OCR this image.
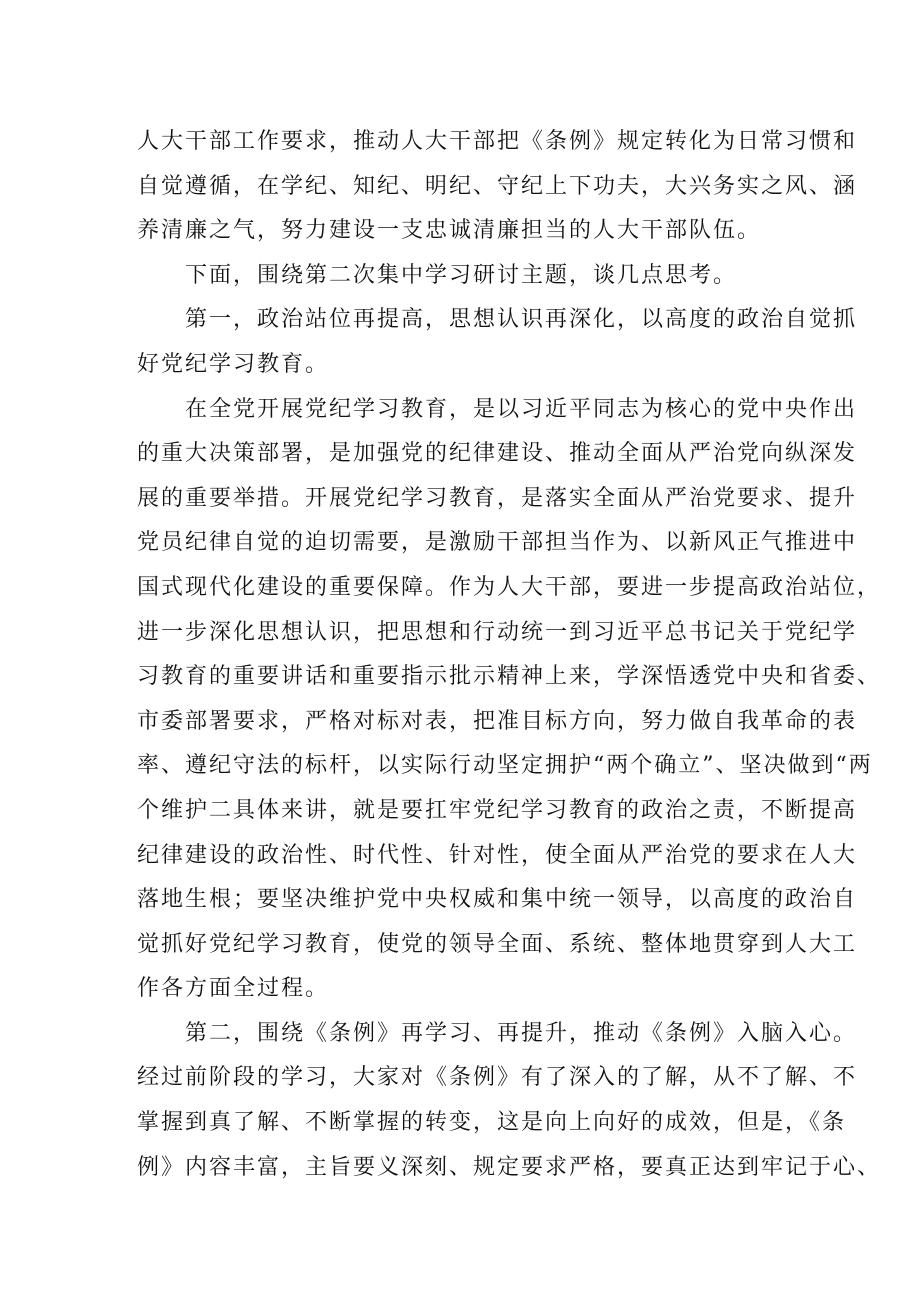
人大干部工作要求，推动人大干部把《条例》规定转化为日常习惯和
自觉遵循，在学纪、知纪、明纪、守纪上下功夫，大兴务实之风、涵
养清廉之气，努力建设一支忠诚清廉担当的人大干部队伍。

下面，围绕第二次集中学习研讨主题，谈几点思考。

第一，政治站位再提高，思想认识再深化，以高度的政治自觉抓
好党纪学习教育。

在全党开展党纪学习教育，是以习近平同志为核心的党中央作出
的重大决策部署，是加强党的纪律建设、推动全面从严治党向纵深发
展的重要举措。开展党纪学习教育，是落实全面从严治党要求、提升
党员纪律自觉的迫切需要，是激励干部担当作为、以新风正气推进中
国式现代化建设的重要保障。作为人大干部，要进一步提高政治站位，
进一步深化思想认识，把思想和行动统一到习近平总书记关于党纪学
习教育的重要讲话和重要指示批示精神上来，学深悟透党中央和省委、
市委部署要求，严格对标对表，把准目标方向，努力做自我革命的表
率、遵纪守法的标杆，以实际行动坚定拥护“两个确立”、坚决做到“两
个维护二具体来讲，就是要扛牢党纪学习教育的政治之责，不断提高
纪律建设的政治性、时代性、针对性，使全面从严治党的要求在人大
落地生根；要坚决维护党中央权威和集中统一领导，以高度的政治自
觉抓好党纪学习教育，使党的领导全面、系统、整体地贯穿到人大工
作各方面全过程。

第二，围绕《条例》再学习、再提升，推动《条例》入脑入心。
经过前阶段的学习，大家对《条例》有了深入的了解，从不了解、不
掌握到真了解、不断掌握的转变，这是向上向好的成效，但是，《条
例》内容丰富，主旨要义深刻、规定要求严格，要真正达到牢记于心、
